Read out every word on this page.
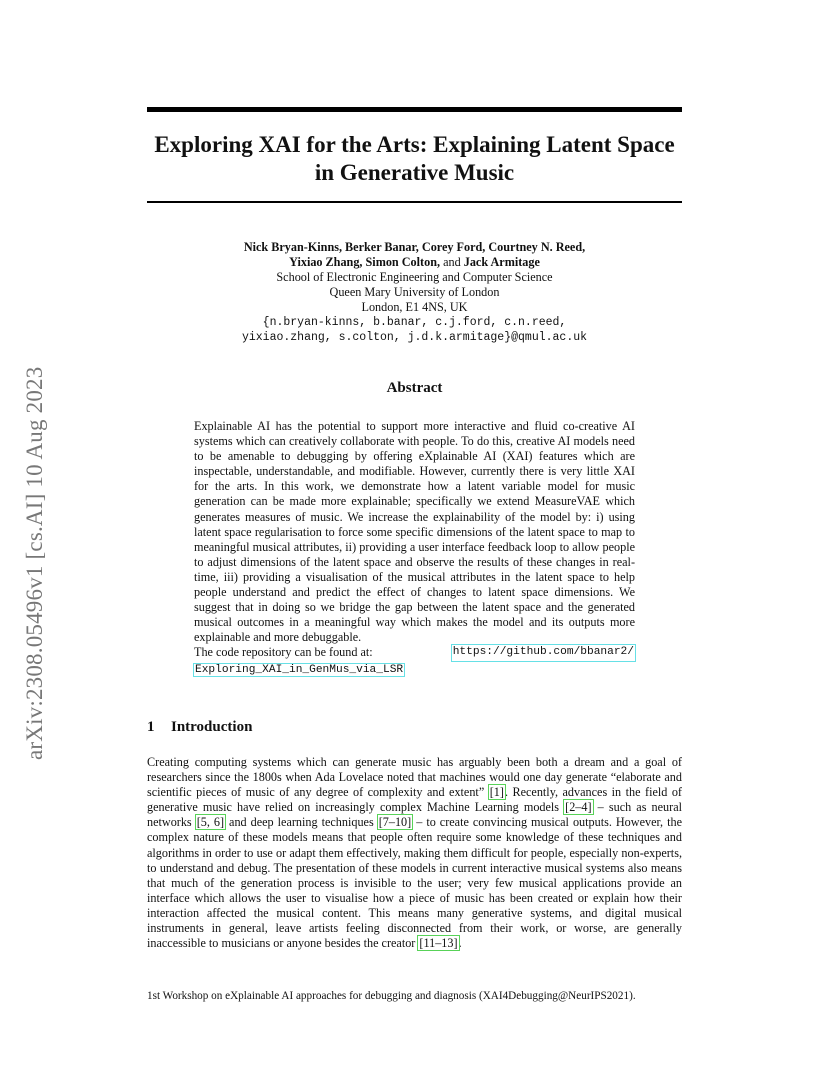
arXiv:2308.05496v1 [cs.AI] 10 Aug 2023
Exploring XAI for the Arts: Explaining Latent Space
in Generative Music
Nick Bryan-Kinns, Berker Banar, Corey Ford, Courtney N. Reed,
Yixiao Zhang, Simon Colton, and Jack Armitage
School of Electronic Engineering and Computer Science
Queen Mary University of London
London, E1 4NS, UK
{n.bryan-kinns, b.banar, c.j.ford, c.n.reed,
yixiao.zhang, s.colton, j.d.k.armitage}@qmul.ac.uk
Abstract

Explainable AI has the potential to support more interactive and fluid co-creative AI systems which can creatively collaborate with people. To do this, creative AI models need to be amenable to debugging by offering eXplainable AI (XAI) features which are inspectable, understandable, and modifiable. However, currently there is very little XAI for the arts. In this work, we demonstrate how a latent variable model for music generation can be made more explainable; specifically we extend MeasureVAE which generates measures of music. We increase the explainability of the model by: i) using latent space regularisation to force some specific dimensions of the latent space to map to meaningful musical attributes, ii) providing a user interface feedback loop to allow people to adjust dimensions of the latent space and observe the results of these changes in real-time, iii) providing a visualisation of the musical attributes in the latent space to help people understand and predict the effect of changes to latent space dimensions. We suggest that in doing so we bridge the gap between the latent space and the generated musical outcomes in a meaningful way which makes the model and its outputs more explainable and more debuggable.

The code repository can be found at:	https://github.com/bbanar2/
Exploring_XAI_in_GenMus_via_LSR
1 Introduction

Creating computing systems which can generate music has arguably been both a dream and a goal of researchers since the 1800s when Ada Lovelace noted that machines would one day generate “elaborate and scientific pieces of music of any degree of complexity and extent” [1]. Recently, advances in the field of generative music have relied on increasingly complex Machine Learning models [2–4] – such as neural networks [5, 6] and deep learning techniques [7–10] – to create convincing musical outputs. However, the complex nature of these models means that people often require some knowledge of these techniques and algorithms in order to use or adapt them effectively, making them difficult for people, especially non-experts, to understand and debug. The presentation of these models in current interactive musical systems also means that much of the generation process is invisible to the user; very few musical applications provide an interface which allows the user to visualise how a piece of music has been created or explain how their interaction affected the musical content. This means many generative systems, and digital musical instruments in general, leave artists feeling disconnected from their work, or worse, are generally inaccessible to musicians or anyone besides the creator [11–13].

1st Workshop on eXplainable AI approaches for debugging and diagnosis (XAI4Debugging@NeurIPS2021).
